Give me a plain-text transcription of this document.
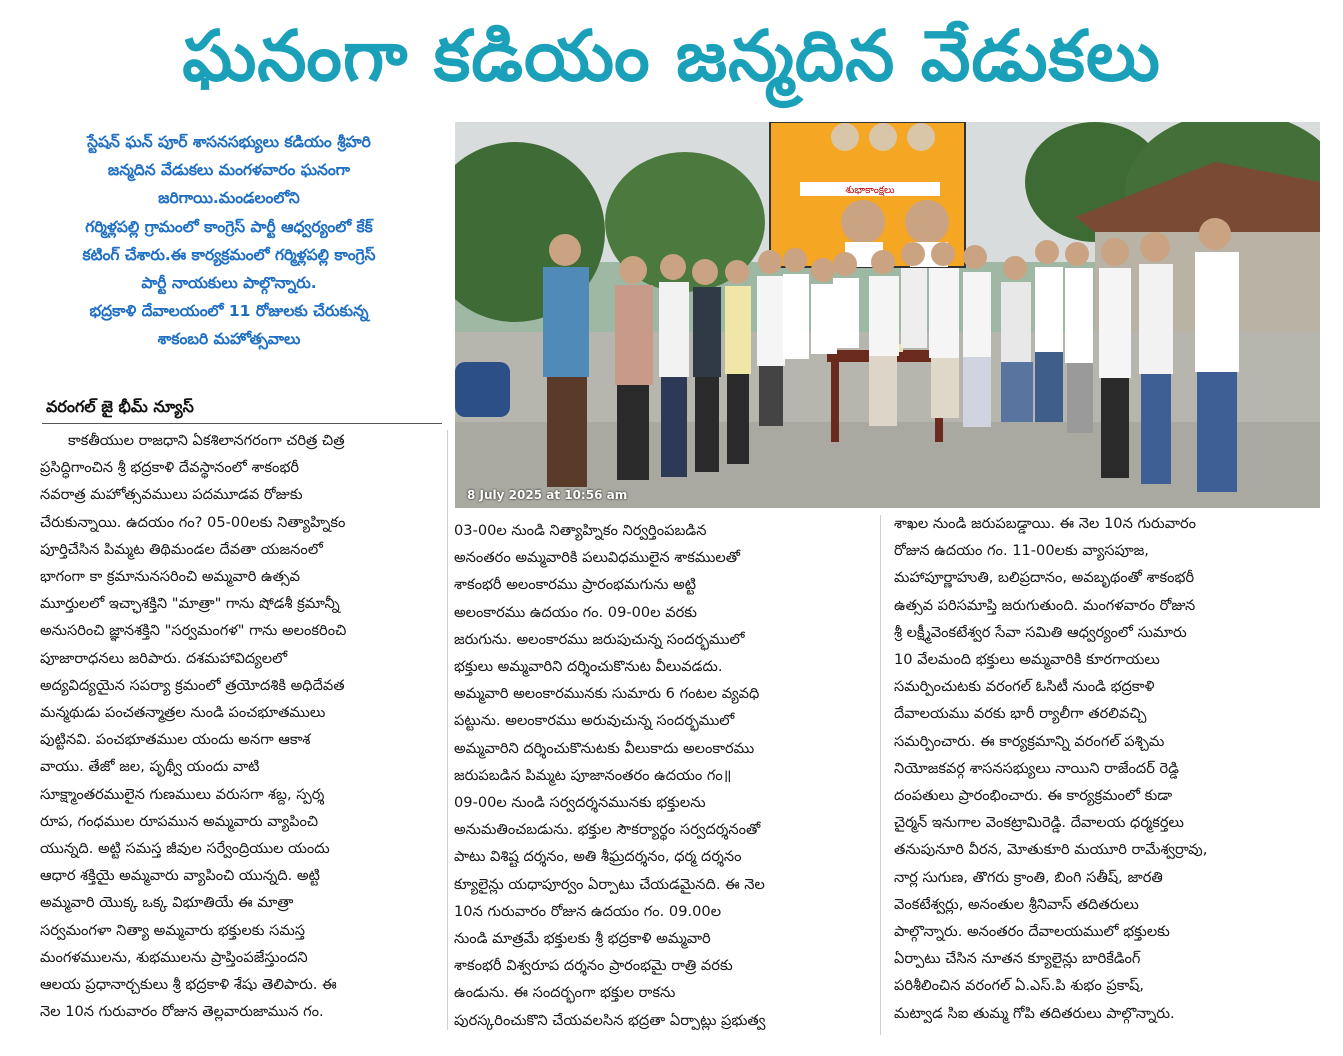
ఘనంగా కడియం జన్మదిన వేడుకలు
స్టేషన్ ఘన్ పూర్ శాసనసభ్యులు కడియం శ్రీహరి
జన్మదిన వేడుకలు మంగళవారం ఘనంగా
జరిగాయి.మండలంలోని
గర్మిళ్లపల్లి గ్రామంలో కాంగ్రెస్ పార్టీ ఆధ్వర్యంలో కేక్
కటింగ్ చేశారు.ఈ కార్యక్రమంలో గర్మిళ్లపల్లి కాంగ్రెస్
పార్టీ నాయకులు పాల్గొన్నారు.
భద్రకాళి దేవాలయంలో 11 రోజులకు చేరుకున్న
శాకంబరి మహోత్సవాలు
వరంగల్ జై భీమ్ న్యూస్
శుభాకాంక్షలు
8 July 2025 at 10:56 am
కాకతీయుల రాజధాని ఏకశిలానగరంగా చరిత్ర చిత్ర
ప్రసిద్ధిగాంచిన శ్రీ భద్రకాళి దేవస్థానంలో శాకంభరీ
నవరాత్ర మహోత్సవములు పదమూడవ రోజుకు
చేరుకున్నాయి. ఉదయం గం? 05-00లకు నిత్యాహ్నికం
పూర్తిచేసిన పిమ్మట తిథిమండల దేవతా యజనంలో
భాగంగా కా క్రమానునసరించి అమ్మవారి ఉత్సవ
మూర్తులలో ఇచ్ఛాశక్తిని "మాత్రా" గాను షోడశీ క్రమాన్నీ
అనుసరించి జ్ఞానశక్తిని "సర్వమంగళ" గాను అలంకరించి
పూజారాధనలు జరిపారు. దశమహావిద్యలలో
అద్యవిద్యయైన సపర్యా క్రమంలో త్రయోదశికి అధిదేవత
మన్మథుడు పంచతన్మాత్రల నుండి పంచభూతములు
పుట్టినవి. పంచభూతముల యందు అనగా ఆకాశ
వాయు. తేజో జల, పృథ్వీ యందు వాటి
సూక్ష్మాంతరములైన గుణములు వరుసగా శబ్ద, స్పర్శ
రూప, గంధముల రూపమున అమ్మవారు వ్యాపించి
యున్నది. అట్టి సమస్త జీవుల సర్వేంద్రియుల యందు
ఆధార శక్తియై అమ్మవారు వ్యాపించి యున్నది. అట్టి
అమ్మవారి యొక్క ఒక్క విభూతియే ఈ మాత్రా
సర్వమంగళా నిత్యా అమ్మవారు భక్తులకు సమస్త
మంగళములను, శుభములను ప్రాప్తింపజేస్తుందని
ఆలయ ప్రధానార్చకులు శ్రీ భద్రకాళి శేషు తెలిపారు. ఈ
నెల 10న గురువారం రోజున తెల్లవారుజామున గం.
03-00ల నుండి నిత్యాహ్నికం నిర్వర్తింపబడిన
అనంతరం అమ్మవారికి పలువిధములైన శాకములతో
శాకంభరీ అలంకారము ప్రారంభమగును అట్టి
అలంకారము ఉదయం గం. 09-00ల వరకు
జరుగును. అలంకారము జరుపుచున్న సందర్భములో
భక్తులు అమ్మవారిని దర్శించుకొనుట వీలువడదు.
అమ్మవారి అలంకారమునకు సుమారు 6 గంటల వ్యవధి
పట్టును. అలంకారము అరువుచున్న సందర్భములో
అమ్మవారిని దర్శించుకొనుటకు వీలుకాదు అలంకారము
జరుపబడిన పిమ్మట పూజానంతరం ఉదయం గం॥
09-00ల నుండి సర్వదర్శనమునకు భక్తులను
అనుమతించబడును. భక్తుల సౌకర్యార్థం సర్వదర్శనంతో
పాటు విశిష్ట దర్శనం, అతి శీఘ్రదర్శనం, ధర్మ దర్శనం
క్యూలైన్లు యధాపూర్వం ఏర్పాటు చేయడమైనది. ఈ నెల
10న గురువారం రోజున ఉదయం గం. 09.00ల
నుండి మాత్రమే భక్తులకు శ్రీ భద్రకాళి అమ్మవారి
శాకంభరీ విశ్వరూప దర్శనం ప్రారంభమై రాత్రి వరకు
ఉండును. ఈ సందర్భంగా భక్తుల రాకను
పురస్కరించుకొని చేయవలసిన భద్రతా ఏర్పాట్లు ప్రభుత్వ
శాఖల నుండి జరుపబడ్డాయి. ఈ నెల 10న గురువారం
రోజున ఉదయం గం. 11-00లకు వ్యాసపూజ,
మహాపూర్ణాహుతి, బలిప్రదానం, అవబృథంతో శాకంభరీ
ఉత్సవ పరిసమాప్తి జరుగుతుంది. మంగళవారం రోజున
శ్రీ లక్ష్మీవెంకటేశ్వర సేవా సమితి ఆధ్వర్యంలో సుమారు
10 వేలమంది భక్తులు అమ్మవారికి కూరగాయలు
సమర్పించుటకు వరంగల్ ఓసిటీ నుండి భద్రకాళి
దేవాలయము వరకు భారీ ర్యాలీగా తరలివచ్చి
సమర్పించారు. ఈ కార్యక్రమాన్ని వరంగల్ పశ్చిమ
నియోజకవర్గ శాసనసభ్యులు నాయిని రాజేందర్ రెడ్డి
దంపతులు ప్రారంభించారు. ఈ కార్యక్రమంలో కుడా
చైర్మన్ ఇనుగాల వెంకట్రామిరెడ్డి. దేవాలయ ధర్మకర్తలు
తనుపునూరి వీరన, మోతుకూరి మయూరి రామేశ్వర్రావు,
నార్ల సుగుణ, తొగరు క్రాంతి, బింగి సతీష్, జారతి
వెంకటేశ్వర్లు, అనంతుల శ్రీనివాస్ తదితరులు
పాల్గొన్నారు. అనంతరం దేవాలయములో భక్తులకు
ఏర్పాటు చేసిన నూతన క్యూలైన్లు బారికేడింగ్
పరిశీలించిన వరంగల్ ఏ.ఎస్.పి శుభం ప్రకాష్,
మట్వాడ సిఐ తుమ్మ గోపి తదితరులు పాల్గొన్నారు.
